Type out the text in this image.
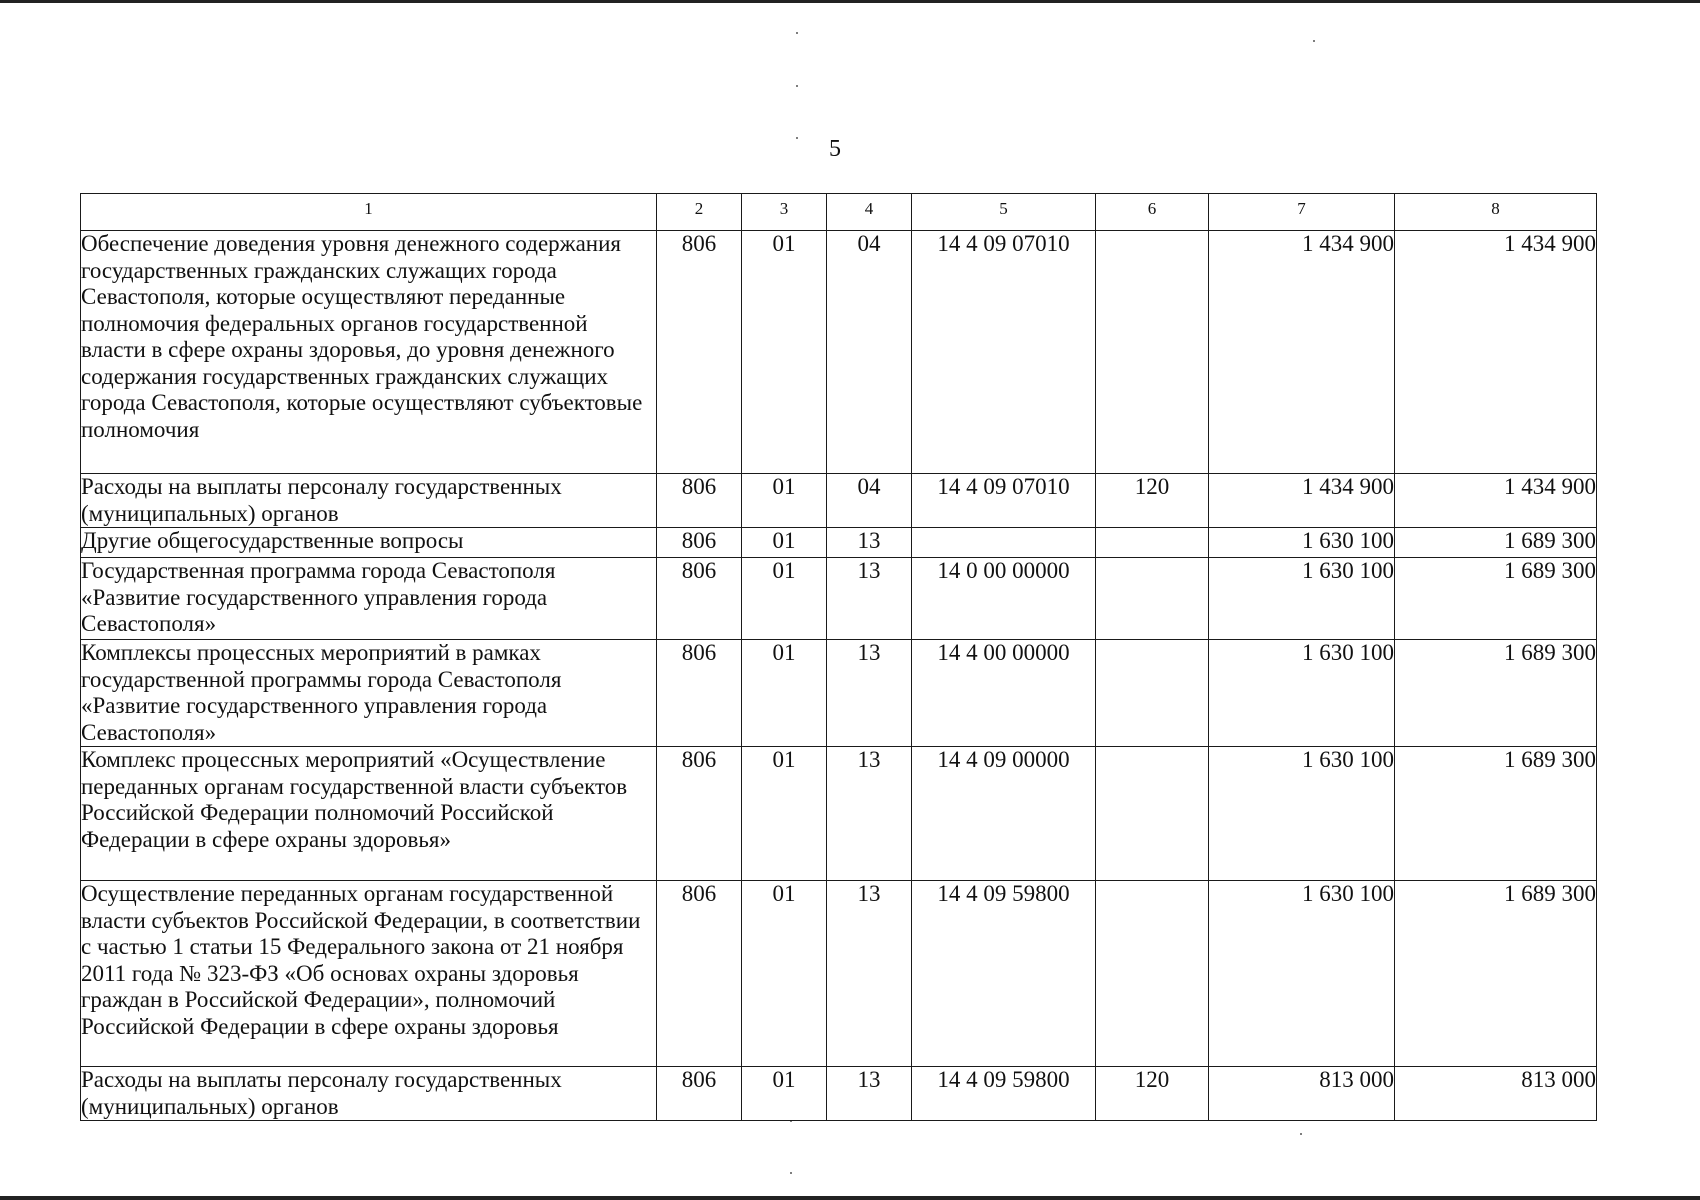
5
1	2	3	4	5	6	7	8
Обеспечение доведения уровня денежного содержания государственных гражданских служащих города Севастополя, которые осуществляют переданные полномочия федеральных органов государственной власти в сфере охраны здоровья, до уровня денежного содержания государственных гражданских служащих города Севастополя, которые осуществляют субъектовые полномочия	806	01	04	14 4 09 07010		1 434 900	1 434 900
Расходы на выплаты персоналу государственных (муниципальных) органов	806	01	04	14 4 09 07010	120	1 434 900	1 434 900
Другие общегосударственные вопросы	806	01	13			1 630 100	1 689 300
Государственная программа города Севастополя «Развитие государственного управления города Севастополя»	806	01	13	14 0 00 00000		1 630 100	1 689 300
Комплексы процессных мероприятий в рамках государственной программы города Севастополя «Развитие государственного управления города Севастополя»	806	01	13	14 4 00 00000		1 630 100	1 689 300
Комплекс процессных мероприятий «Осуществление переданных органам государственной власти субъектов Российской Федерации полномочий Российской Федерации в сфере охраны здоровья»	806	01	13	14 4 09 00000		1 630 100	1 689 300
Осуществление переданных органам государственной власти субъектов Российской Федерации, в соответствии с частью 1 статьи 15 Федерального закона от 21 ноября 2011 года № 323-ФЗ «Об основах охраны здоровья граждан в Российской Федерации», полномочий Российской Федерации в сфере охраны здоровья	806	01	13	14 4 09 59800		1 630 100	1 689 300
Расходы на выплаты персоналу государственных (муниципальных) органов	806	01	13	14 4 09 59800	120	813 000	813 000
